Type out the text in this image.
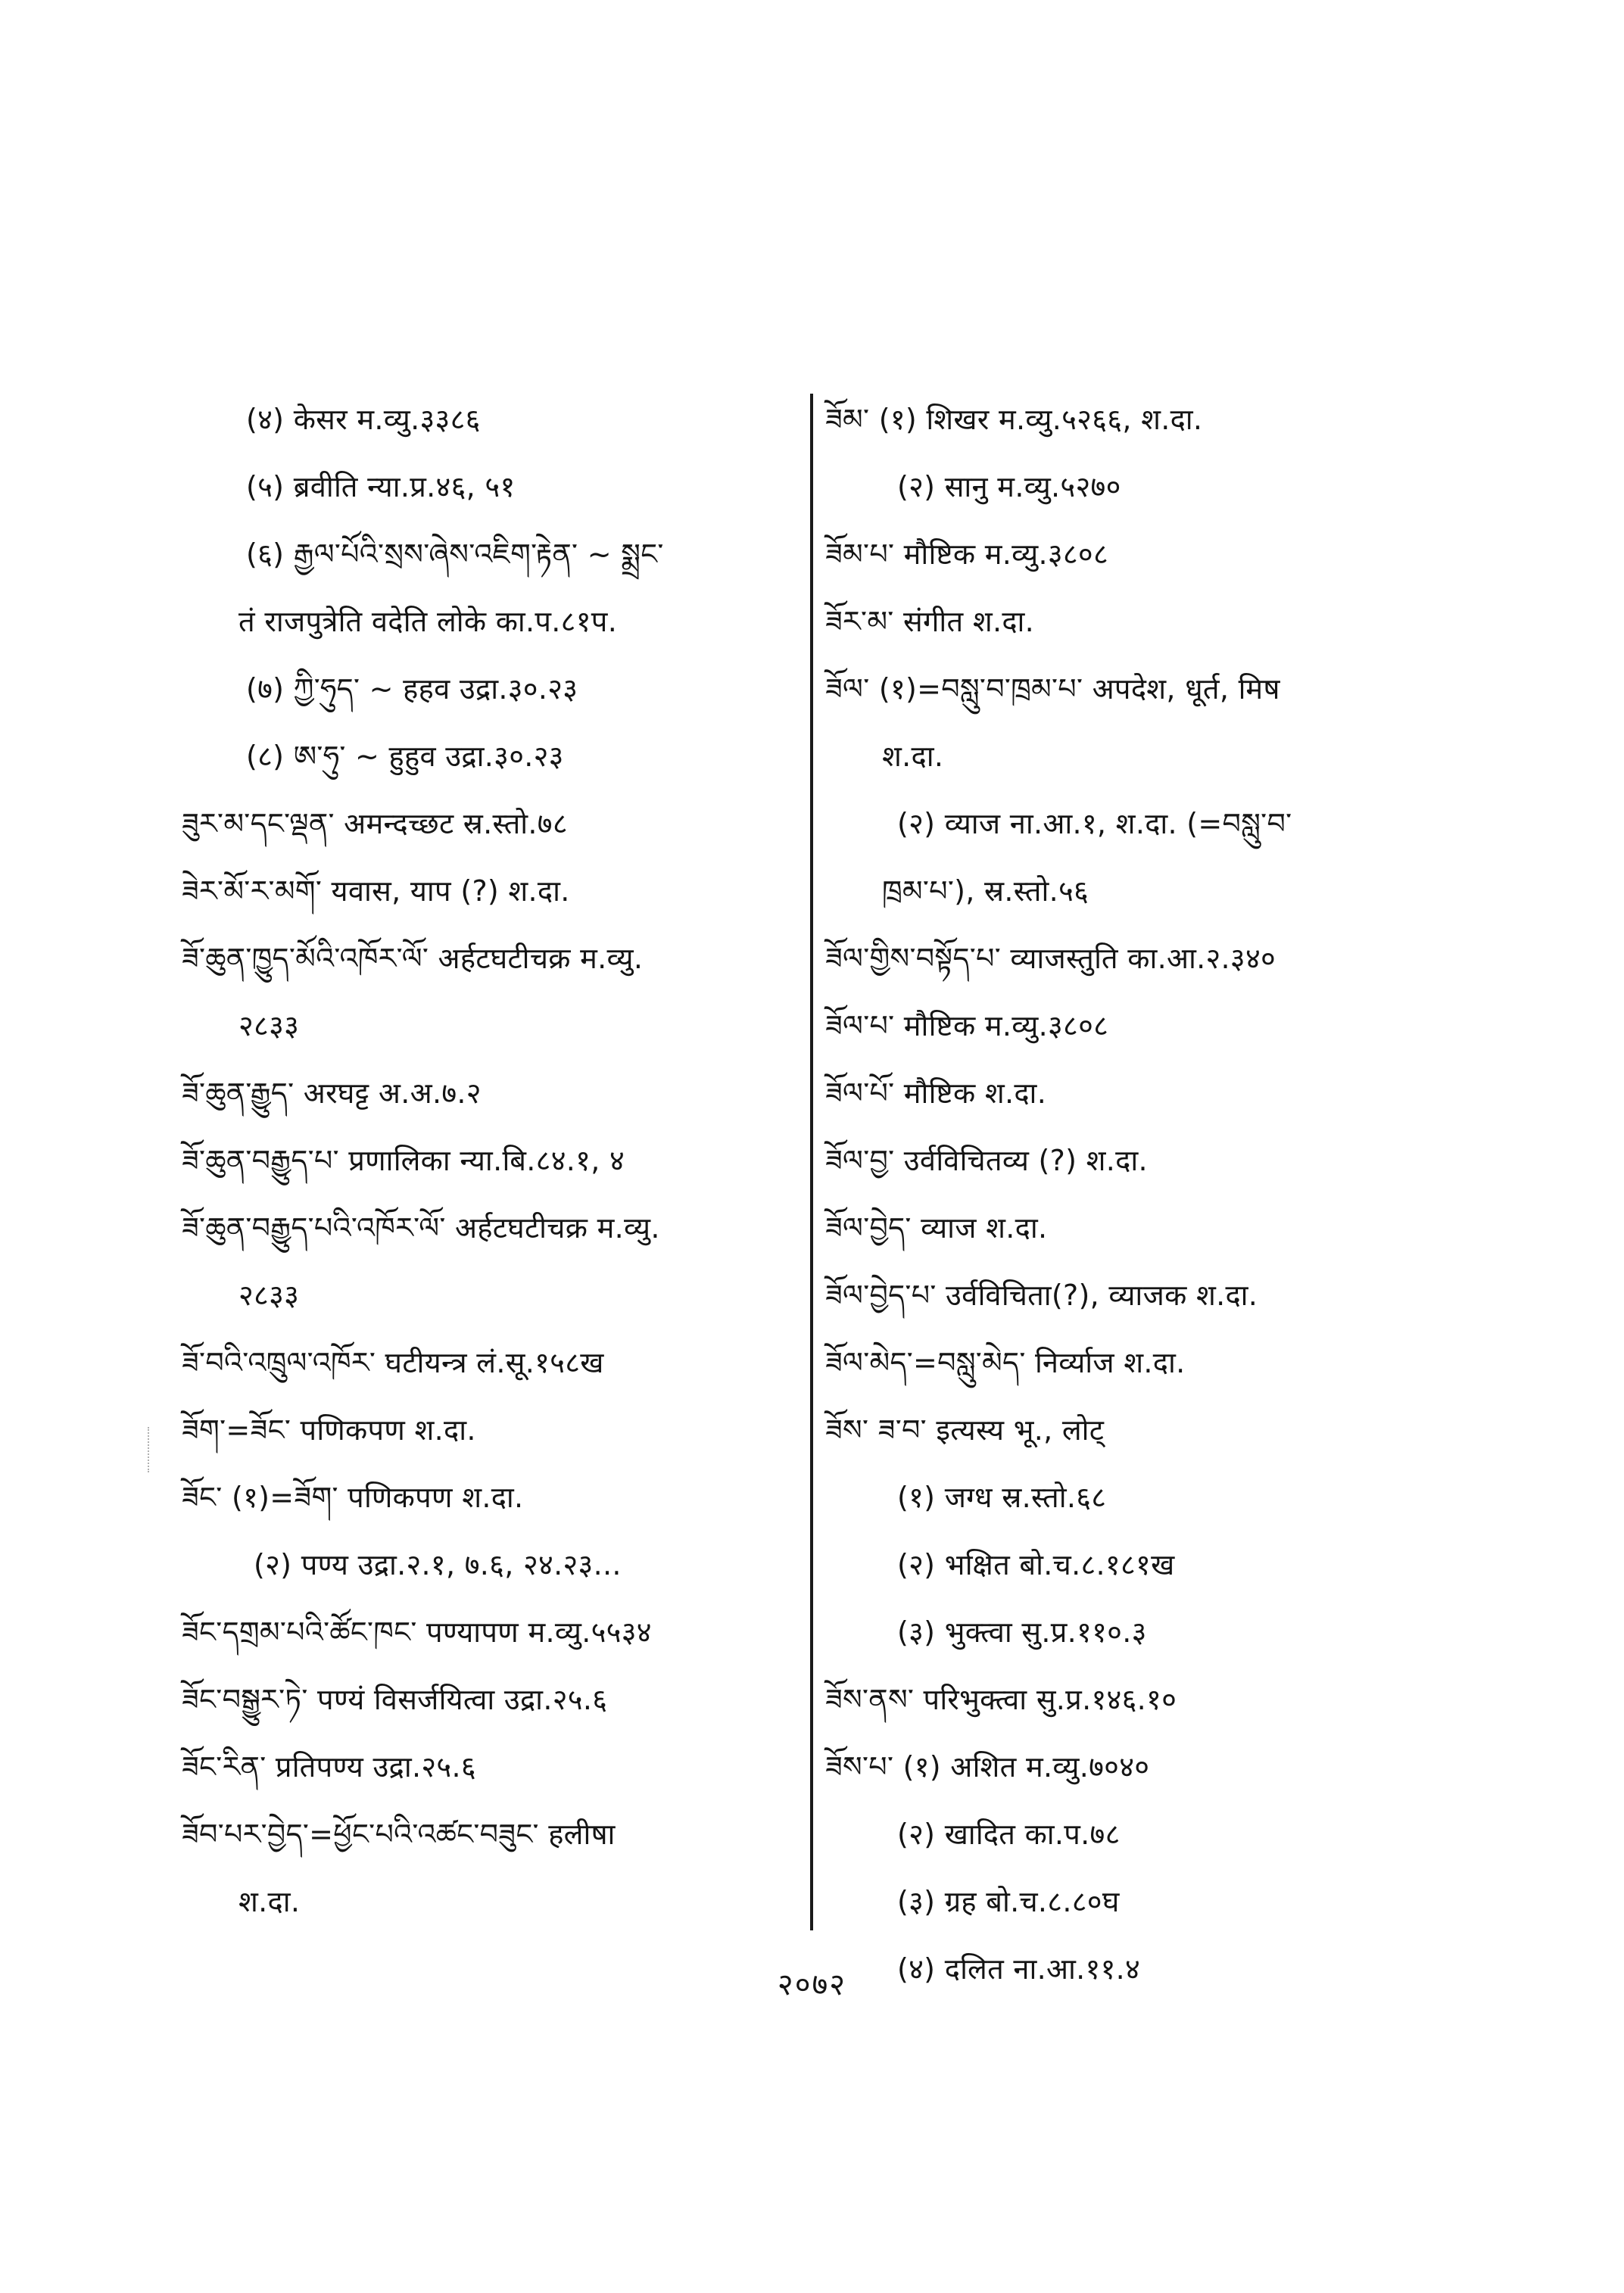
(४) केसर म.व्यु.३३८६
(५) ब्रवीति न्या.प्र.४६, ५१
(६) རྒྱལ་པོའི་སྲས་ཞེས་འཇིག་རྟེན་ ~ སྨྲང་
तं राजपुत्रेति वदेति लोके का.प.८१प.
(७) ཀྱི་ཧུད་ ~ हहव उद्रा.३०.२३
(८) ཨ་ཧུ་ ~ हुहुव उद्रा.३०.२३
ཟུར་མ་དང་ལྡན་ अमन्दच्छट स्र.स्तो.७८
ཟེར་མོ་ར་མགོ་ यवास, याप (?) श.दा.
ཟོ་ཆུན་ཁྱུད་མོའི་འཁོར་ལོ་ अर्हटघटीचक्र म.व्यु.
२८३३
ཟོ་ཆུན་རྒྱུད་ अरघट्ट अ.अ.७.२
ཟོ་ཆུན་བརྒྱུད་པ་ प्रणालिका न्या.बि.८४.१, ४
ཟོ་ཆུན་བརྒྱུད་པའི་འཁོར་ལོ་ अर्हटघटीचक्र म.व्यु.
२८३३
ཟོ་བའི་འཁྲུལ་འཁོར་ घटीयन्त्र लं.सू.१५८ख
ཟོག་=ཟོང་ पणिकपण श.दा.
ཟོང་ (१)=ཟོག་ पणिकपण श.दा.
(२) पण्य उद्रा.२.१, ७.६, २४.२३...
ཟོང་དགྲམ་པའི་ཚོང་ཁང་ पण्यापण म.व्यु.५५३४
ཟོང་བསྒྱུར་ཏེ་ पण्यं विसर्जयित्वा उद्रा.२५.६
ཟོང་རིན་ प्रतिपण्य उद्रा.२५.६
ཟོབ་པར་བྱེད་=ཕྱོང་པའི་འཚང་བཟུང་ हलीषा
श.दा.
ཟོམ་ (१) शिखर म.व्यु.५२६६, श.दा.
(२) सानु म.व्यु.५२७०
ཟོམ་པ་ मौष्टिक म.व्यु.३८०८
ཟོར་མ་ संगीत श.दा.
ཟོལ་ (१)=བསླུ་བ་ཁྲམ་པ་ अपदेश, धूर्त, मिष
श.दा.
(२) व्याज ना.आ.१, श.दा. (=བསླུ་བ་
ཁྲམ་པ་), स्र.स्तो.५६
ཟོལ་གྱིས་བསྟོད་པ་ व्याजस्तुति का.आ.२.३४०
ཟོལ་པ་ मौष्टिक म.व्यु.३८०८
ཟོལ་པོ་ मौष्टिक श.दा.
ཟོལ་བྱ་ उर्वविचितव्य (?) श.दा.
ཟོལ་བྱེད་ व्याज श.दा.
ཟོལ་བྱེད་པ་ उर्वविचिता(?), व्याजक श.दा.
ཟོལ་མེད་=བསླུ་མེད་ निर्व्याज श.दा.
ཟོས་ ཟ་བ་ इत्यस्य भू., लोट्
(१) जग्ध स्र.स्तो.६८
(२) भक्षित बो.च.८.१८१ख
(३) भुक्त्वा सु.प्र.११०.३
ཟོས་ནས་ परिभुक्त्वा सु.प्र.१४६.१०
ཟོས་པ་ (१) अशित म.व्यु.७०४०
(२) खादित का.प.७८
(३) ग्रह बो.च.८.८०घ
(४) दलित ना.आ.११.४
२०७२
